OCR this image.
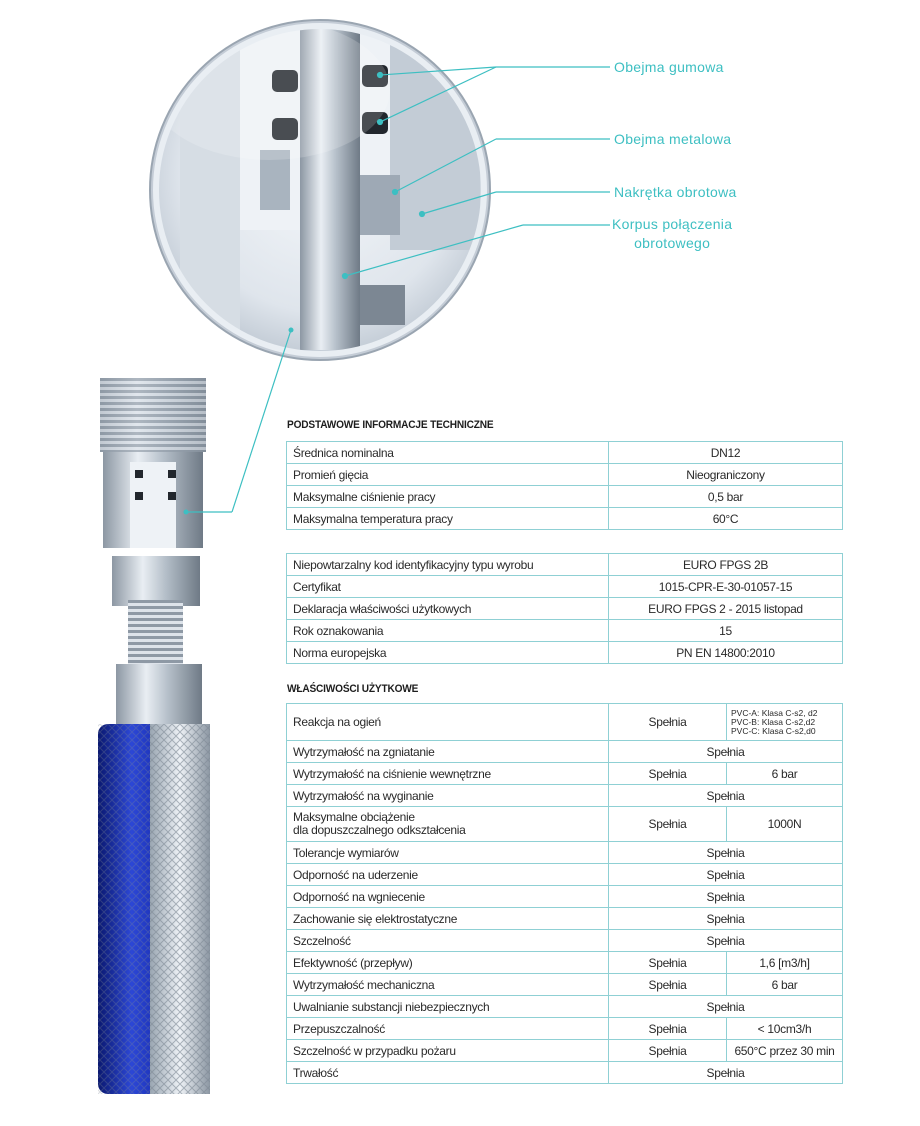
Obejma gumowa
Obejma metalowa
Nakrętka obrotowa
Korpus połączenia
obrotowego
PODSTAWOWE INFORMACJE TECHNICZNE
Średnica nominalna	DN12
Promień gięcia	Nieograniczony
Maksymalne ciśnienie pracy	0,5 bar
Maksymalna temperatura pracy	60°C
Niepowtarzalny kod identyfikacyjny typu wyrobu	EURO FPGS 2B
Certyfikat	1015-CPR-E-30-01057-15
Deklaracja właściwości użytkowych	EURO FPGS 2 - 2015 listopad
Rok oznakowania	15
Norma europejska	PN EN 14800:2010
WŁAŚCIWOŚCI UŻYTKOWE
Reakcja na ogień	Spełnia	PVC-A: Klasa C-s2, d2
PVC-B: Klasa C-s2,d2
PVC-C: Klasa C-s2,d0

Wytrzymałość na zgniatanie	Spełnia	
Wytrzymałość na ciśnienie wewnętrzne	Spełnia	6 bar
Wytrzymałość na wyginanie	Spełnia	

Maksymalne obciążenie
dla dopuszczalnego odkształcenia	Spełnia	1000N
Tolerancje wymiarów	Spełnia	
Odporność na uderzenie	Spełnia	
Odporność na wgniecenie	Spełnia	
Zachowanie się elektrostatyczne	Spełnia	
Szczelność	Spełnia	
Efektywność (przepływ)	Spełnia	1,6 [m3/h]
Wytrzymałość mechaniczna	Spełnia	6 bar
Uwalnianie substancji niebezpiecznych	Spełnia	
Przepuszczalność	Spełnia	< 10cm3/h
Szczelność w przypadku pożaru	Spełnia	650°C przez 30 min
Trwałość	Spełnia	
